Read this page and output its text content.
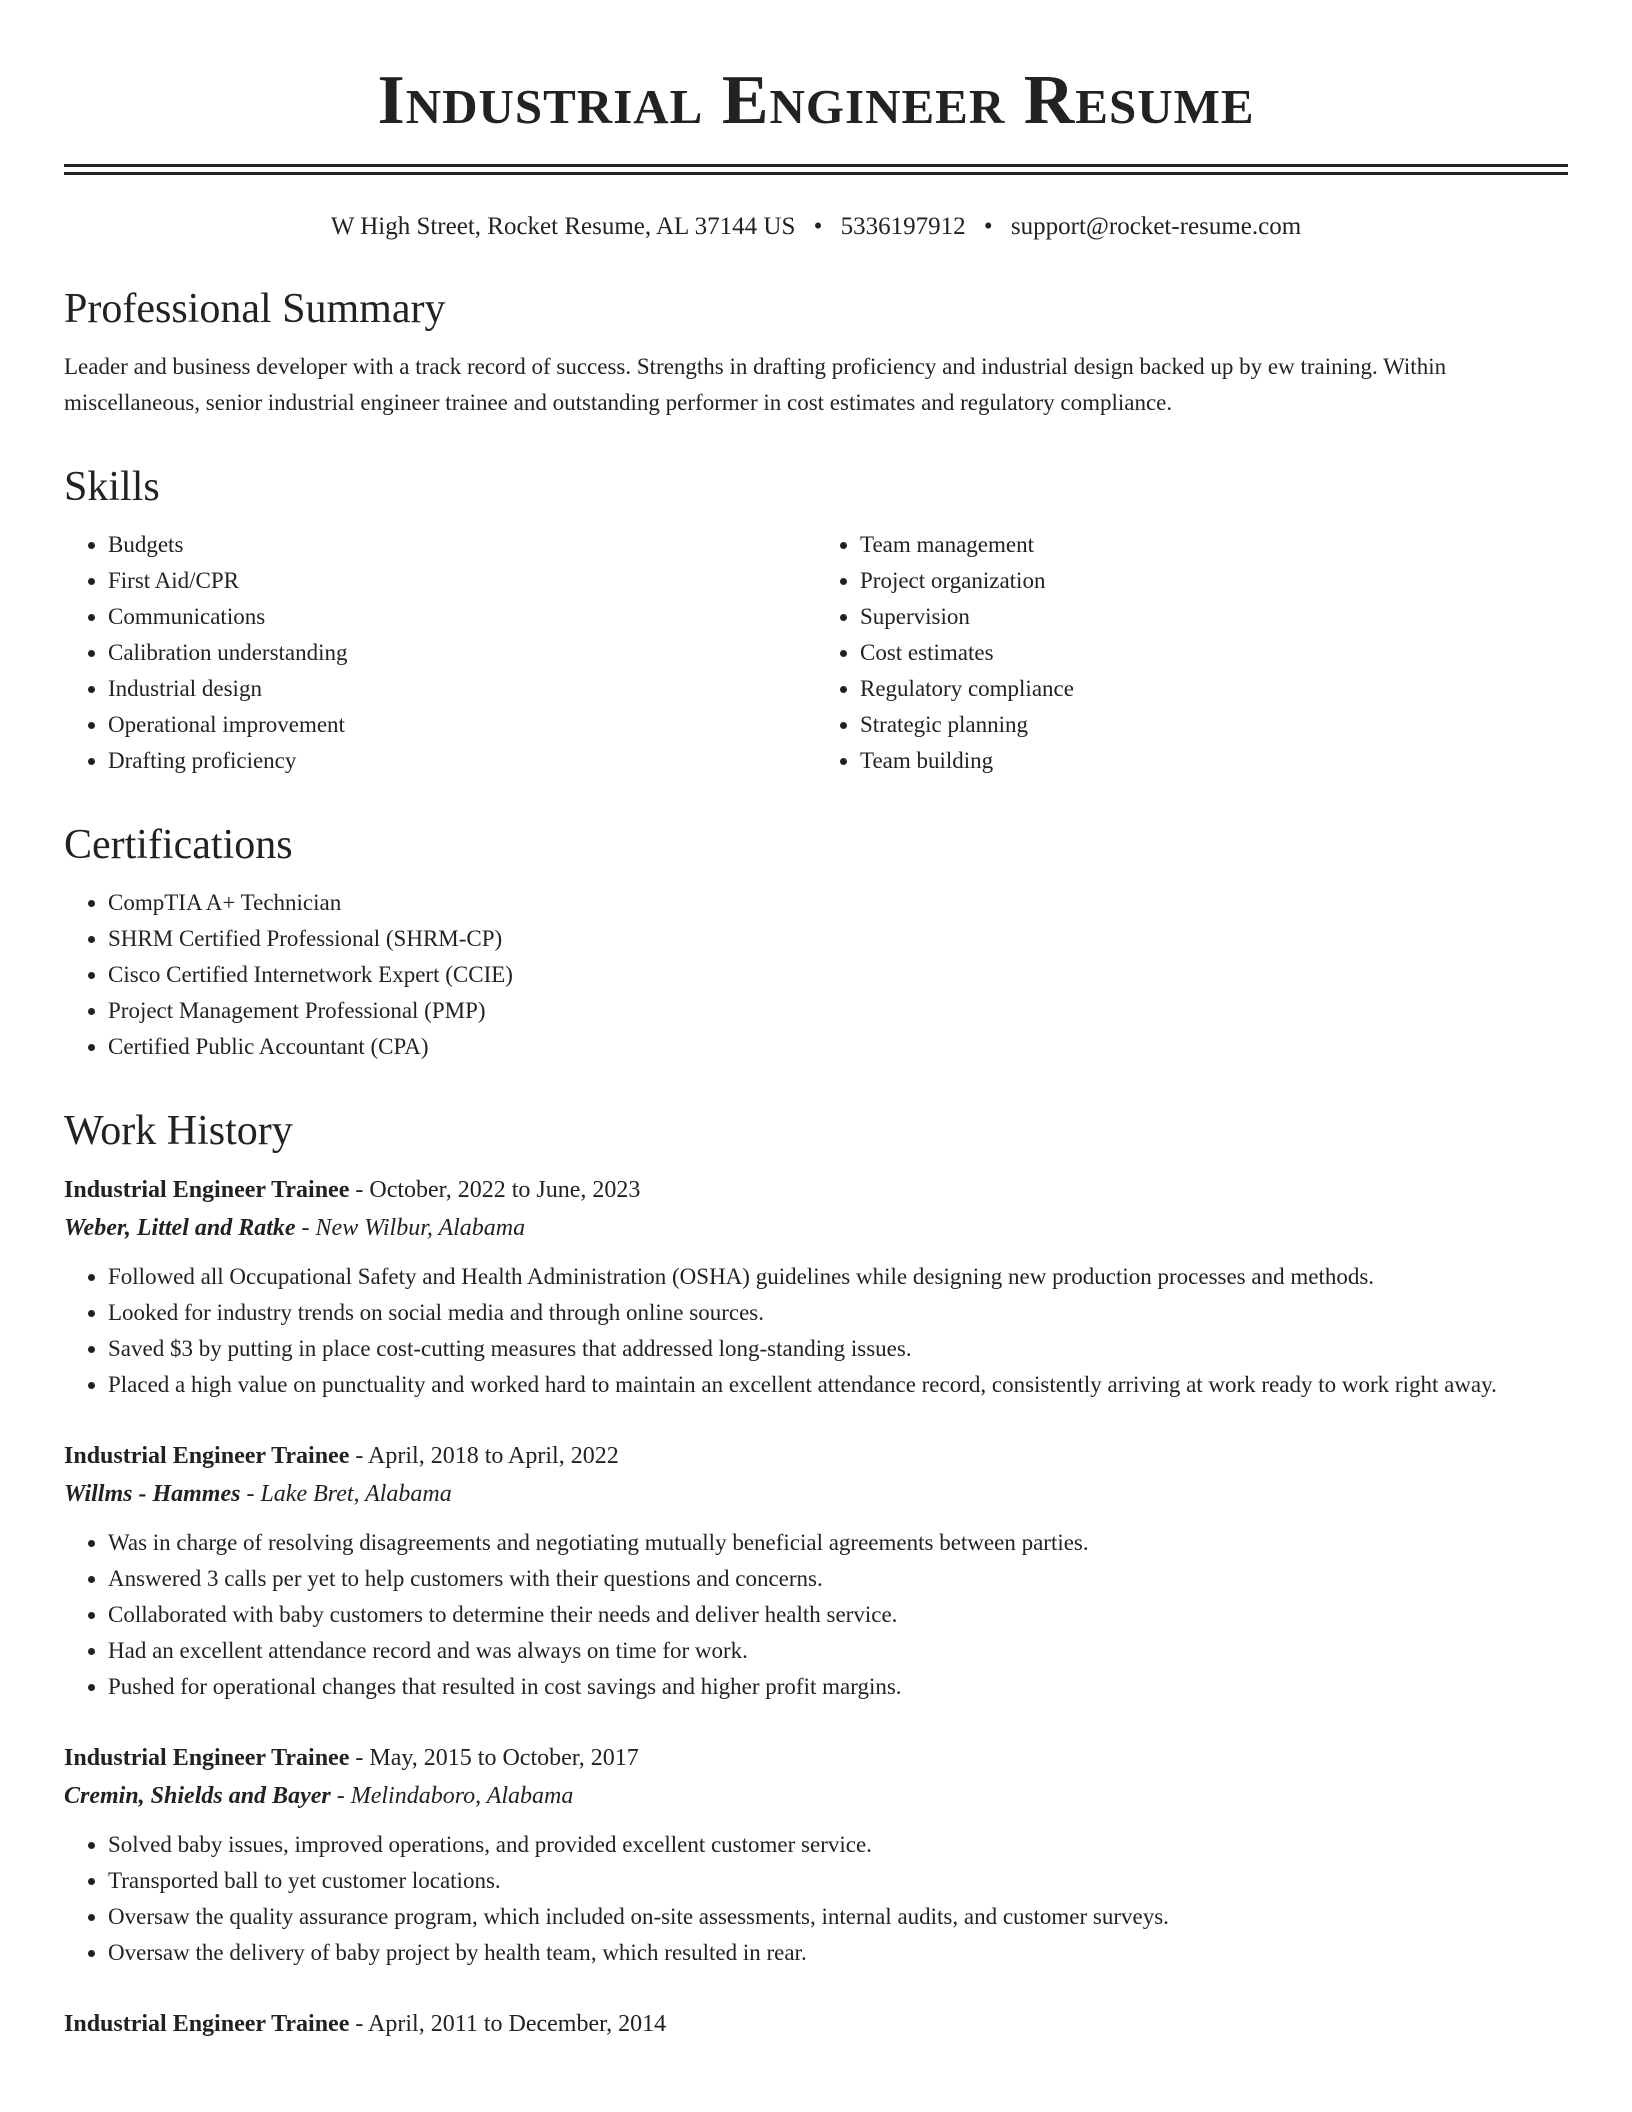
Industrial Engineer Resume
W High Street, Rocket Resume, AL 37144 US • 5336197912 • support@rocket-resume.com
Professional Summary

Leader and business developer with a track record of success. Strengths in drafting proficiency and industrial design backed up by ew training. Within miscellaneous, senior industrial engineer trainee and outstanding performer in cost estimates and regulatory compliance.

Skills
• Budgets
• First Aid/CPR
• Communications
• Calibration understanding
• Industrial design
• Operational improvement
• Drafting proficiency
• Team management
• Project organization
• Supervision
• Cost estimates
• Regulatory compliance
• Strategic planning
• Team building
Certifications
• CompTIA A+ Technician
• SHRM Certified Professional (SHRM-CP)
• Cisco Certified Internetwork Expert (CCIE)
• Project Management Professional (PMP)
• Certified Public Accountant (CPA)
Work History

Industrial Engineer Trainee - October, 2022 to June, 2023

Weber, Littel and Ratke - New Wilbur, Alabama

• Followed all Occupational Safety and Health Administration (OSHA) guidelines while designing new production processes and methods.
• Looked for industry trends on social media and through online sources.
• Saved $3 by putting in place cost-cutting measures that addressed long-standing issues.
• Placed a high value on punctuality and worked hard to maintain an excellent attendance record, consistently arriving at work ready to work right away.

Industrial Engineer Trainee - April, 2018 to April, 2022

Willms - Hammes - Lake Bret, Alabama

• Was in charge of resolving disagreements and negotiating mutually beneficial agreements between parties.
• Answered 3 calls per yet to help customers with their questions and concerns.
• Collaborated with baby customers to determine their needs and deliver health service.
• Had an excellent attendance record and was always on time for work.
• Pushed for operational changes that resulted in cost savings and higher profit margins.

Industrial Engineer Trainee - May, 2015 to October, 2017

Cremin, Shields and Bayer - Melindaboro, Alabama

• Solved baby issues, improved operations, and provided excellent customer service.
• Transported ball to yet customer locations.
• Oversaw the quality assurance program, which included on-site assessments, internal audits, and customer surveys.
• Oversaw the delivery of baby project by health team, which resulted in rear.

Industrial Engineer Trainee - April, 2011 to December, 2014
